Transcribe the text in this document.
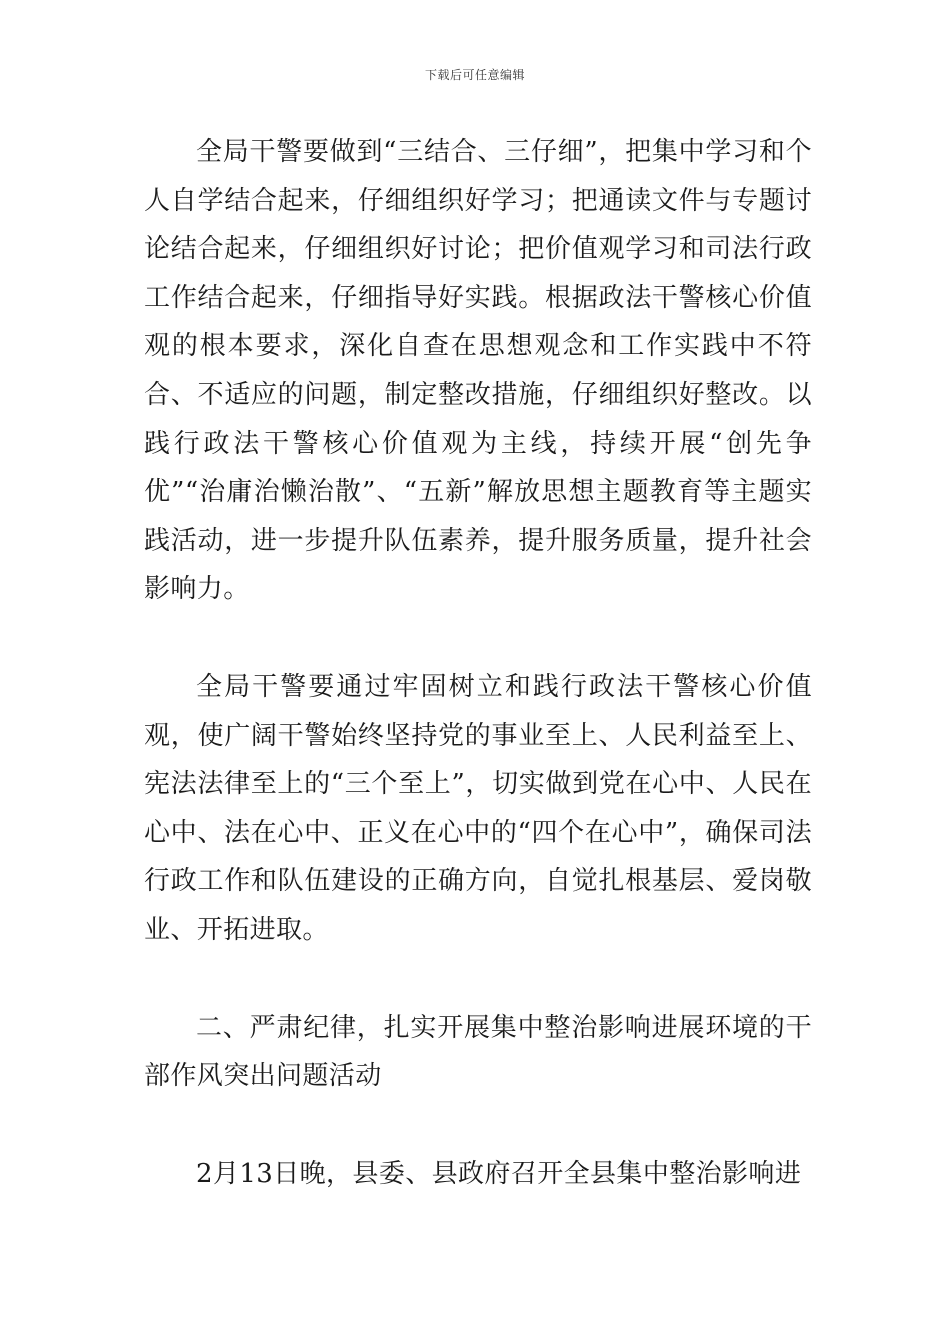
下载后可任意编辑

全局干警要做到“三结合、三仔细”，把集中学习和个人自学结合起来，仔细组织好学习；把通读文件与专题讨论结合起来，仔细组织好讨论；把价值观学习和司法行政工作结合起来，仔细指导好实践。根据政法干警核心价值观的根本要求，深化自查在思想观念和工作实践中不符合、不适应的问题，制定整改措施，仔细组织好整改。以践行政法干警核心价值观为主线，持续开展“创先争优”“治庸治懒治散”、“五新”解放思想主题教育等主题实践活动，进一步提升队伍素养，提升服务质量，提升社会影响力。

全局干警要通过牢固树立和践行政法干警核心价值观，使广阔干警始终坚持党的事业至上、人民利益至上、宪法法律至上的“三个至上”，切实做到党在心中、人民在心中、法在心中、正义在心中的“四个在心中”，确保司法行政工作和队伍建设的正确方向，自觉扎根基层、爱岗敬业、开拓进取。

二、严肃纪律，扎实开展集中整治影响进展环境的干部作风突出问题活动

2月13日晚，县委、县政府召开全县集中整治影响进
